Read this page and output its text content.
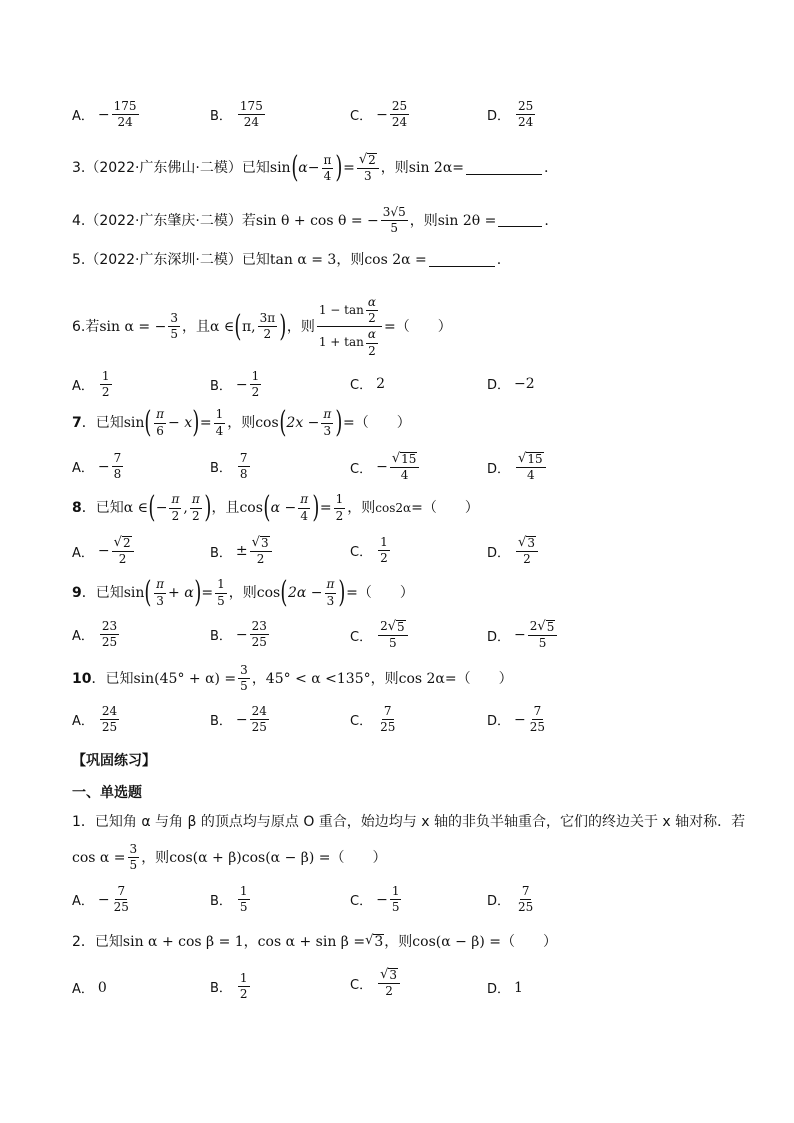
A． − $\frac{175}{24}$	B． $\frac{175}{24}$	C． − $\frac{25}{24}$	D． $\frac{25}{24}$
3.（2022·广东佛山·二模）已知 sin ( $\alpha - \frac{\pi}{4}$ ) = $\frac{√ 2}{3}$ ，则 sin 2α =	.
4.（2022·广东肇庆·二模）若 sin θ + cos θ = − $\frac{3√5}{5}$ ，则 sin 2θ =	.
5.（2022·广东深圳·二模）已知 tan α = 3 ，则 cos 2α =	.
6.若 sin α = − $\frac{3}{5}$ ，且 α ∈ ( π, $\frac{3\pi}{2}$ ) ，则 $\frac{1 - \tan \frac{\alpha}{2}}{1 + \tan \frac{\alpha}{2}}$ = （　　）
A． $\frac{1}{2}$	B． − $\frac{1}{2}$	C． 2	D． −2
7 ． 已知 sin ( $\frac{\pi}{6} - x$ ) = $\frac{1}{4}$ ，则 cos ( $2x - \frac{\pi}{3}$ ) =（　　）
A． − $\frac{7}{8}$	B． $\frac{7}{8}$	C． − $\frac{√ 15}{4}$	D． $\frac{√ 15}{4}$
8 ． 已知 α ∈ ( − $\frac{\pi}{2}$ , $\frac{\pi}{2}$ ) ，且 cos ( $\alpha - \frac{\pi}{4}$ ) = $\frac{1}{2}$ ，则 cos2α =（　　）
A． − $\frac{√ 2}{2}$	B． ± $\frac{√ 3}{2}$	C． $\frac{1}{2}$	D． $\frac{√ 3}{2}$
9 ． 已知 sin ( $\frac{\pi}{3} + \alpha$ ) = $\frac{1}{5}$ ，则 cos ( $2\alpha - \frac{\pi}{3}$ ) =（　　）
A． $\frac{23}{25}$	B． − $\frac{23}{25}$	C． $\frac{2 √ 5}{5}$	D． − $\frac{2 √ 5}{5}$
10 ． 已知 $\sin(45^\circ + \alpha) = \frac{3}{5}$ ，45° < α <135° ，则 cos 2α =（　　）
A． $\frac{24}{25}$	B． − $\frac{24}{25}$	C． $\frac{7}{25}$	D． − $\frac{7}{25}$
【巩固练习】
一、单选题
1．已知角 α 与角 β 的顶点均与原点 O 重合，始边均与 x 轴的非负半轴重合，它们的终边关于 x 轴对称．若
$\cos \alpha = \frac{3}{5}$ ，则 cos(α + β)cos(α − β) = （　　）
A． − $\frac{7}{25}$	B． $\frac{1}{5}$	C． − $\frac{1}{5}$	D． $\frac{7}{25}$
2．已知 sin α + cos β = 1 ， cos α + sin β = √ 3 ，则 cos(α − β) = （　　）
A． 0	B． $\frac{1}{2}$	C． $\frac{√ 3}{2}$	D． 1
